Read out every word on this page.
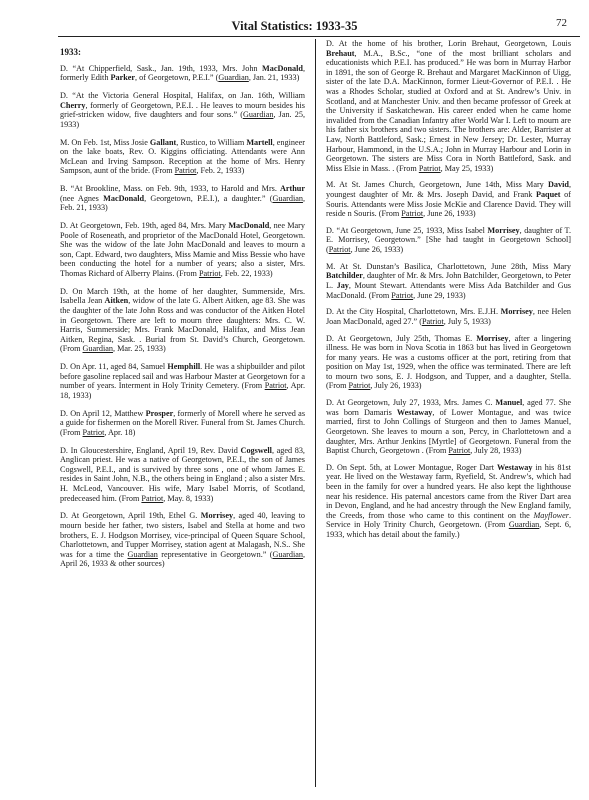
Vital Statistics: 1933-35	72
1933:

D. “At Chipperfield, Sask., Jan. 19th, 1933, Mrs. John MacDonald, formerly Edith Parker, of Georgetown, P.E.I.” (Guardian, Jan. 21, 1933)

D. “At the Victoria General Hospital, Halifax, on Jan. 16th, William Cherry, formerly of Georgetown, P.E.I. . He leaves to mourn besides his grief-stricken widow, five daughters and four sons.” (Guardian, Jan. 25, 1933)

M. On Feb. 1st, Miss Josie Gallant, Rustico, to William Martell, engineer on the lake boats, Rev. O. Kiggins officiating. Attendants were Ann McLean and Irving Sampson. Reception at the home of Mrs. Henry Sampson, aunt of the bride. (From Patriot, Feb. 2, 1933)

B. “At Brookline, Mass. on Feb. 9th, 1933, to Harold and Mrs. Arthur (nee Agnes MacDonald, Georgetown, P.E.I.), a daughter.” (Guardian, Feb. 21, 1933)

D. At Georgetown, Feb. 19th, aged 84, Mrs. Mary MacDonald, nee Mary Poole of Roseneath, and proprietor of the MacDonald Hotel, Georgetown. She was the widow of the late John MacDonald and leaves to mourn a son, Capt. Edward, two daughters, Miss Mamie and Miss Bessie who have been conducting the hotel for a number of years; also a sister, Mrs. Thomas Richard of Alberry Plains. (From Patriot, Feb. 22, 1933)

D. On March 19th, at the home of her daughter, Summerside, Mrs. Isabella Jean Aitken, widow of the late G. Albert Aitken, age 83. She was the daughter of the late John Ross and was conductor of the Aitken Hotel in Georgetown. There are left to mourn three daughters: Mrs. C. W. Harris, Summerside; Mrs. Frank MacDonald, Halifax, and Miss Jean Aitken, Regina, Sask. . Burial from St. David’s Church, Georgetown. (From Guardian, Mar. 25, 1933)

D. On Apr. 11, aged 84, Samuel Hemphill. He was a shipbuilder and pilot before gasoline replaced sail and was Harbour Master at Georgetown for a number of years. Interment in Holy Trinity Cemetery. (From Patriot, Apr. 18, 1933)

D. On April 12, Matthew Prosper, formerly of Morell where he served as a guide for fishermen on the Morell River. Funeral from St. James Church. (From Patriot, Apr. 18)

D. In Gloucestershire, England, April 19, Rev. David Cogswell, aged 83, Anglican priest. He was a native of Georgetown, P.E.I., the son of James Cogswell, P.E.I., and is survived by three sons , one of whom James E. resides in Saint John, N.B., the others being in England ; also a sister Mrs. H. McLeod, Vancouver. His wife, Mary Isabel Morris, of Scotland, predeceased him. (From Patriot, May. 8, 1933)

D. At Georgetown, April 19th, Ethel G. Morrisey, aged 40, leaving to mourn beside her father, two sisters, Isabel and Stella at home and two brothers, E. J. Hodgson Morrisey, vice-principal of Queen Square School, Charlottetown, and Tupper Morrisey, station agent at Malagash, N.S.. She was for a time the Guardian representative in Georgetown.” (Guardian, April 26, 1933 & other sources)

D. At the home of his brother, Lorin Brehaut, Georgetown, Louis Brehaut, M.A., B.Sc., “one of the most brilliant scholars and educationists which P.E.I. has produced.” He was born in Murray Harbor in 1891, the son of George R. Brehaut and Margaret MacKinnon of Uigg, sister of the late D.A. MacKinnon, former Lieut-Governor of P.E.I. . He was a Rhodes Scholar, studied at Oxford and at St. Andrew’s Univ. in Scotland, and at Manchester Univ. and then became professor of Greek at the University if Saskatchewan. His career ended when he came home invalided from the Canadian Infantry after World War I. Left to mourn are his father six brothers and two sisters. The brothers are: Alder, Barrister at Law, North Battleford, Sask.; Ernest in New Jersey; Dr. Lester, Murray Harbour, Hammond, in the U.S.A.; John in Murray Harbour and Lorin in Georgetown. The sisters are Miss Cora in North Battleford, Sask. and Miss Elsie in Mass. . (From Patriot, May 25, 1933)

M. At St. James Church, Georgetown, June 14th, Miss Mary David, youngest daughter of Mr. & Mrs. Joseph David, and Frank Paquet of Souris. Attendants were Miss Josie McKie and Clarence David. They will reside n Souris. (From Patriot, June 26, 1933)

D. “At Georgetown, June 25, 1933, Miss Isabel Morrisey, daughter of T. E. Morrisey, Georgetown.” [She had taught in Georgetown School] (Patriot, June 26, 1933)

M. At St. Dunstan’s Basilica, Charlottetown, June 28th, Miss Mary Batchilder, daughter of Mr. & Mrs. John Batchilder, Georgetown, to Peter L. Jay, Mount Stewart. Attendants were Miss Ada Batchilder and Gus MacDonald. (From Patriot, June 29, 1933)

D. At the City Hospital, Charlottetown, Mrs. E.J.H. Morrisey, nee Helen Joan MacDonald, aged 27.” (Patriot, July 5, 1933)

D. At Georgetown, July 25th, Thomas E. Morrisey, after a lingering illness. He was born in Nova Scotia in 1863 but has lived in Georgetown for many years. He was a customs officer at the port, retiring from that position on May 1st, 1929, when the office was terminated. There are left to mourn two sons, E. J. Hodgson, and Tupper, and a daughter, Stella. (From Patriot, July 26, 1933)

D. At Georgetown, July 27, 1933, Mrs. James C. Manuel, aged 77. She was born Damaris Westaway, of Lower Montague, and was twice married, first to John Collings of Sturgeon and then to James Manuel, Georgetown. She leaves to mourn a son, Percy, in Charlottetown and a daughter, Mrs. Arthur Jenkins [Myrtle] of Georgetown. Funeral from the Baptist Church, Georgetown . (From Patriot, July 28, 1933)

D. On Sept. 5th, at Lower Montague, Roger Dart Westaway in his 81st year. He lived on the Westaway farm, Ryefield, St. Andrew’s, which had been in the family for over a hundred years. He also kept the lighthouse near his residence. His paternal ancestors came from the River Dart area in Devon, England, and he had ancestry through the New England family, the Creeds, from those who came to this continent on the Mayflower. Service in Holy Trinity Church, Georgetown. (From Guardian, Sept. 6, 1933, which has detail about the family.)
